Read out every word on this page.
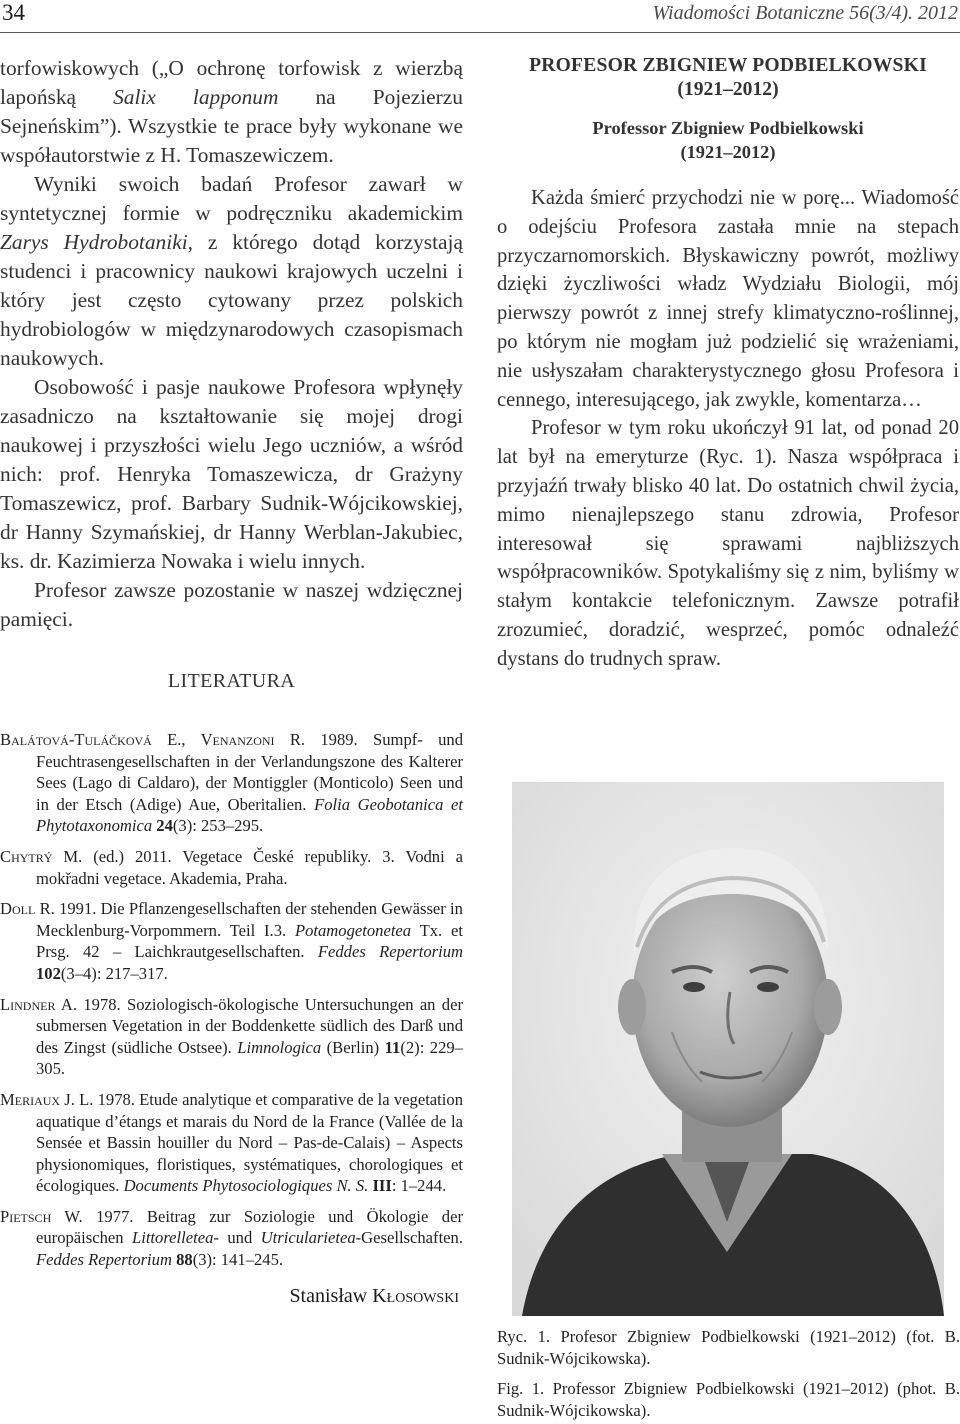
34	Wiadomości Botaniczne 56(3/4). 2012

torfowiskowych („O ochronę torfowisk z wierzbą lapońską Salix lapponum na Pojezierzu Sejneńskim”). Wszystkie te prace były wykonane we współautorstwie z H. Tomaszewiczem.

Wyniki swoich badań Profesor zawarł w syntetycznej formie w podręczniku akademickim Zarys Hydrobotaniki, z którego dotąd korzystają studenci i pracownicy naukowi krajowych uczelni i który jest często cytowany przez polskich hydrobiologów w międzynarodowych czasopismach naukowych.

Osobowość i pasje naukowe Profesora wpłynęły zasadniczo na kształtowanie się mojej drogi naukowej i przyszłości wielu Jego uczniów, a wśród nich: prof. Henryka Tomaszewicza, dr Grażyny Tomaszewicz, prof. Barbary Sudnik-Wójcikowskiej, dr Hanny Szymańskiej, dr Hanny Werblan-Jakubiec, ks. dr. Kazimierza Nowaka i wielu innych.

Profesor zawsze pozostanie w naszej wdzięcznej pamięci.

LITERATURA

Balátová-Tuláčková E., Venanzoni R. 1989. Sumpf- und Feuchtrasengesellschaften in der Verlandungszone des Kalterer Sees (Lago di Caldaro), der Montiggler (Monticolo) Seen und in der Etsch (Adige) Aue, Oberitalien. Folia Geobotanica et Phytotaxonomica 24(3): 253–295.

Chytrý M. (ed.) 2011. Vegetace České republiky. 3. Vodni a mokřadni vegetace. Akademia, Praha.

Doll R. 1991. Die Pflanzengesellschaften der stehenden Gewässer in Mecklenburg-Vorpommern. Teil I.3. Potamogetonetea Tx. et Prsg. 42 – Laichkrautgesellschaften. Feddes Repertorium 102(3–4): 217–317.

Lindner A. 1978. Soziologisch-ökologische Untersuchungen an der submersen Vegetation in der Boddenkette südlich des Darß und des Zingst (südliche Ostsee). Limnologica (Berlin) 11(2): 229–305.

Meriaux J. L. 1978. Etude analytique et comparative de la vegetation aquatique d’étangs et marais du Nord de la France (Vallée de la Sensée et Bassin houiller du Nord – Pas-de-Calais) – Aspects physionomiques, floristiques, systématiques, chorologiques et écologiques. Documents Phytosociologiques N. S. III: 1–244.

Pietsch W. 1977. Beitrag zur Soziologie und Ökologie der europäischen Littorelletea- und Utricularietea-Gesellschaften. Feddes Repertorium 88(3): 141–245.

Stanisław Kłosowski
PROFESOR ZBIGNIEW PODBIELKOWSKI
(1921–2012)
Professor Zbigniew Podbielkowski
(1921–2012)

Każda śmierć przychodzi nie w porę... Wiadomość o odejściu Profesora zastała mnie na stepach przyczarnomorskich. Błyskawiczny powrót, możliwy dzięki życzliwości władz Wydziału Biologii, mój pierwszy powrót z innej strefy klimatyczno-roślinnej, po którym nie mogłam już podzielić się wrażeniami, nie usłyszałam charakterystycznego głosu Profesora i cennego, interesującego, jak zwykle, komentarza…

Profesor w tym roku ukończył 91 lat, od ponad 20 lat był na emeryturze (Ryc. 1). Nasza współpraca i przyjaźń trwały blisko 40 lat. Do ostatnich chwil życia, mimo nienajlepszego stanu zdrowia, Profesor interesował się sprawami najbliższych współpracowników. Spotykaliśmy się z nim, byliśmy w stałym kontakcie telefonicznym. Zawsze potrafił zrozumieć, doradzić, wesprzeć, pomóc odnaleźć dystans do trudnych spraw.

Ryc. 1. Profesor Zbigniew Podbielkowski (1921–2012) (fot. B. Sudnik-Wójcikowska).
Fig. 1. Professor Zbigniew Podbielkowski (1921–2012) (phot. B. Sudnik-Wójcikowska).
